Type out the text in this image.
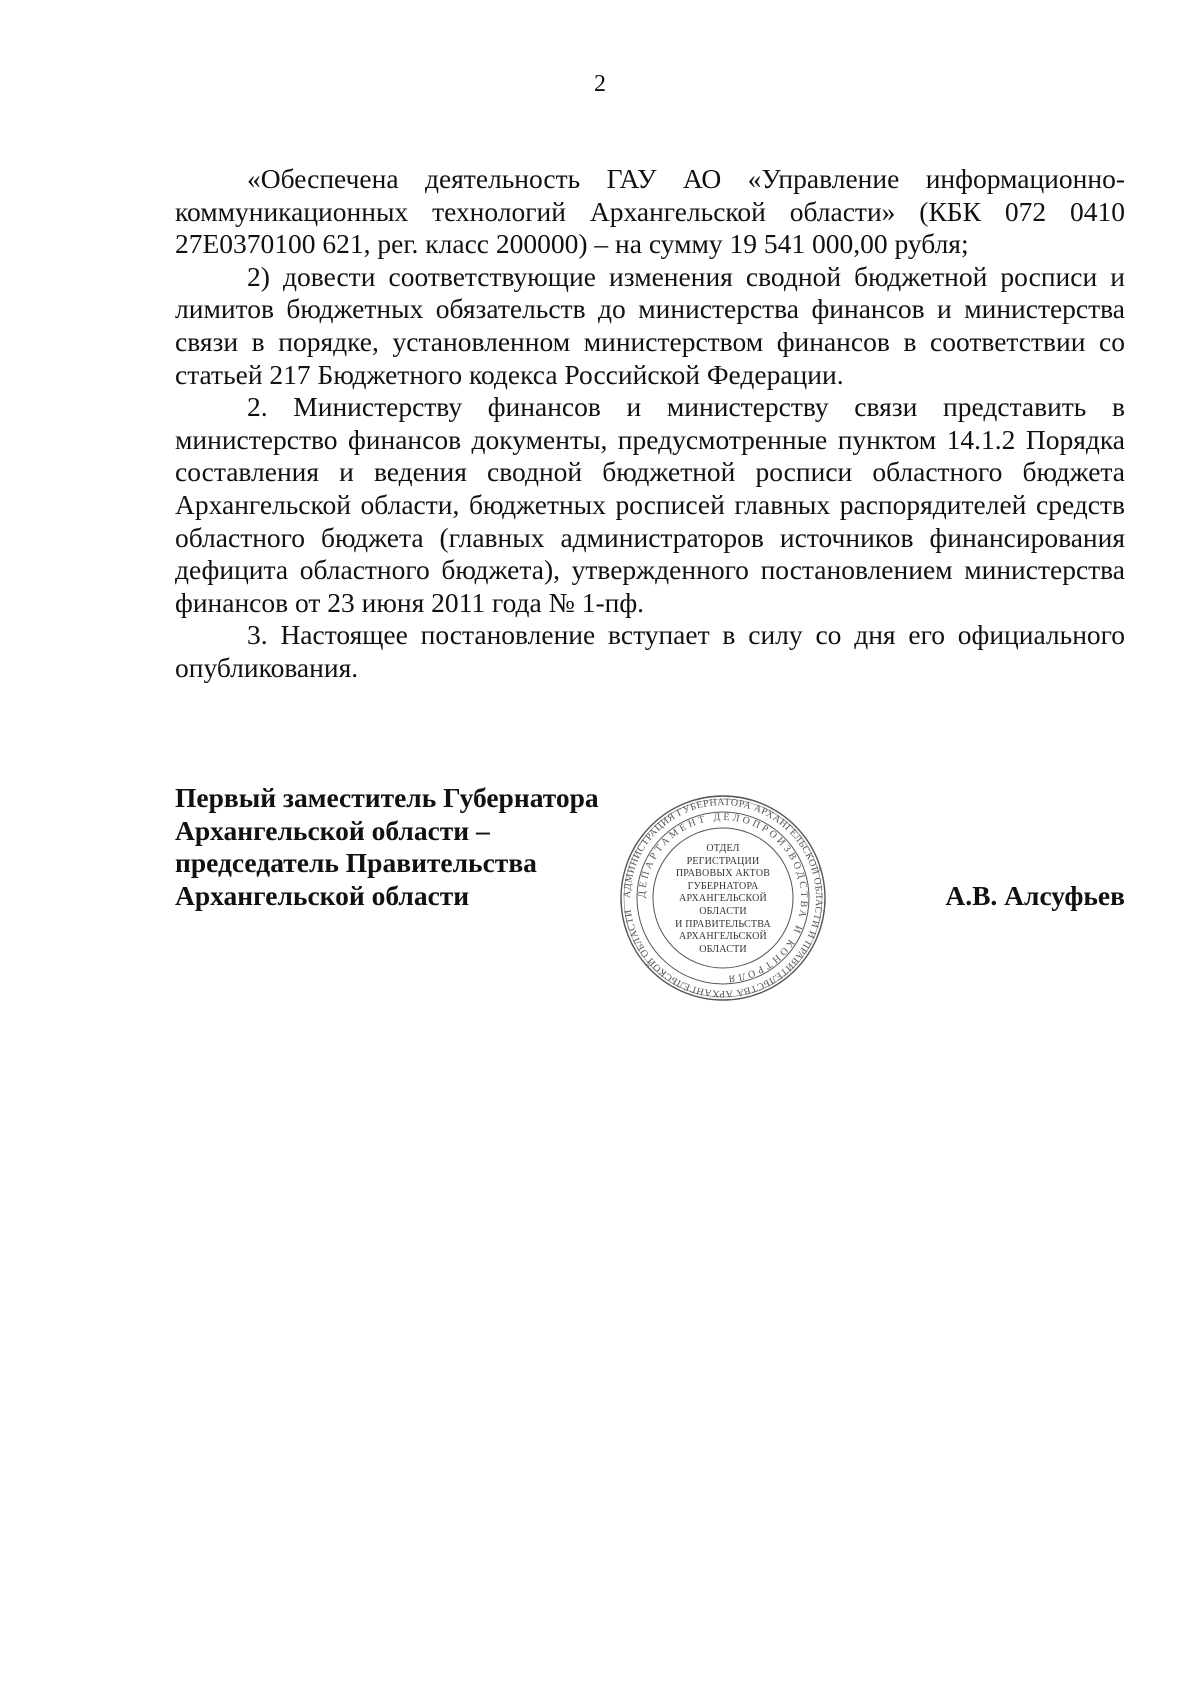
2

«Обеспечена деятельность ГАУ АО «Управление информационно-коммуникационных технологий Архангельской области» (КБК 072 0410 27Е0370100 621, рег. класс 200000) – на сумму 19 541 000,00 рубля;

2) довести соответствующие изменения сводной бюджетной росписи и лимитов бюджетных обязательств до министерства финансов и министерства связи в порядке, установленном министерством финансов в соответствии со статьей 217 Бюджетного кодекса Российской Федерации.

2. Министерству финансов и министерству связи представить в министерство финансов документы, предусмотренные пунктом 14.1.2 Порядка составления и ведения сводной бюджетной росписи областного бюджета Архангельской области, бюджетных росписей главных распорядителей средств областного бюджета (главных администраторов источников финансирования дефицита областного бюджета), утвержденного постановлением министерства финансов от 23 июня 2011 года № 1-пф.

3. Настоящее постановление вступает в силу со дня его официального опубликования.

Первый заместитель Губернатора
Архангельской области –
председатель Правительства
Архангельской области	АДМИНИСТРАЦИЯ ГУБЕРНАТОРА АРХАНГЕЛЬСКОЙ ОБЛАСТИ И ПРАВИТЕЛЬСТВА АРХАНГЕЛЬСКОЙ ОБЛАСТИ
ДЕПАРТАМЕНТ ДЕЛОПРОИЗВОДСТВА И КОНТРОЛЯ
ОТДЕЛ
РЕГИСТРАЦИИ
ПРАВОВЫХ АКТОВ
ГУБЕРНАТОРА
АРХАНГЕЛЬСКОЙ
ОБЛАСТИ
И ПРАВИТЕЛЬСТВА
АРХАНГЕЛЬСКОЙ
ОБЛАСТИ
А.В. Алсуфьев
